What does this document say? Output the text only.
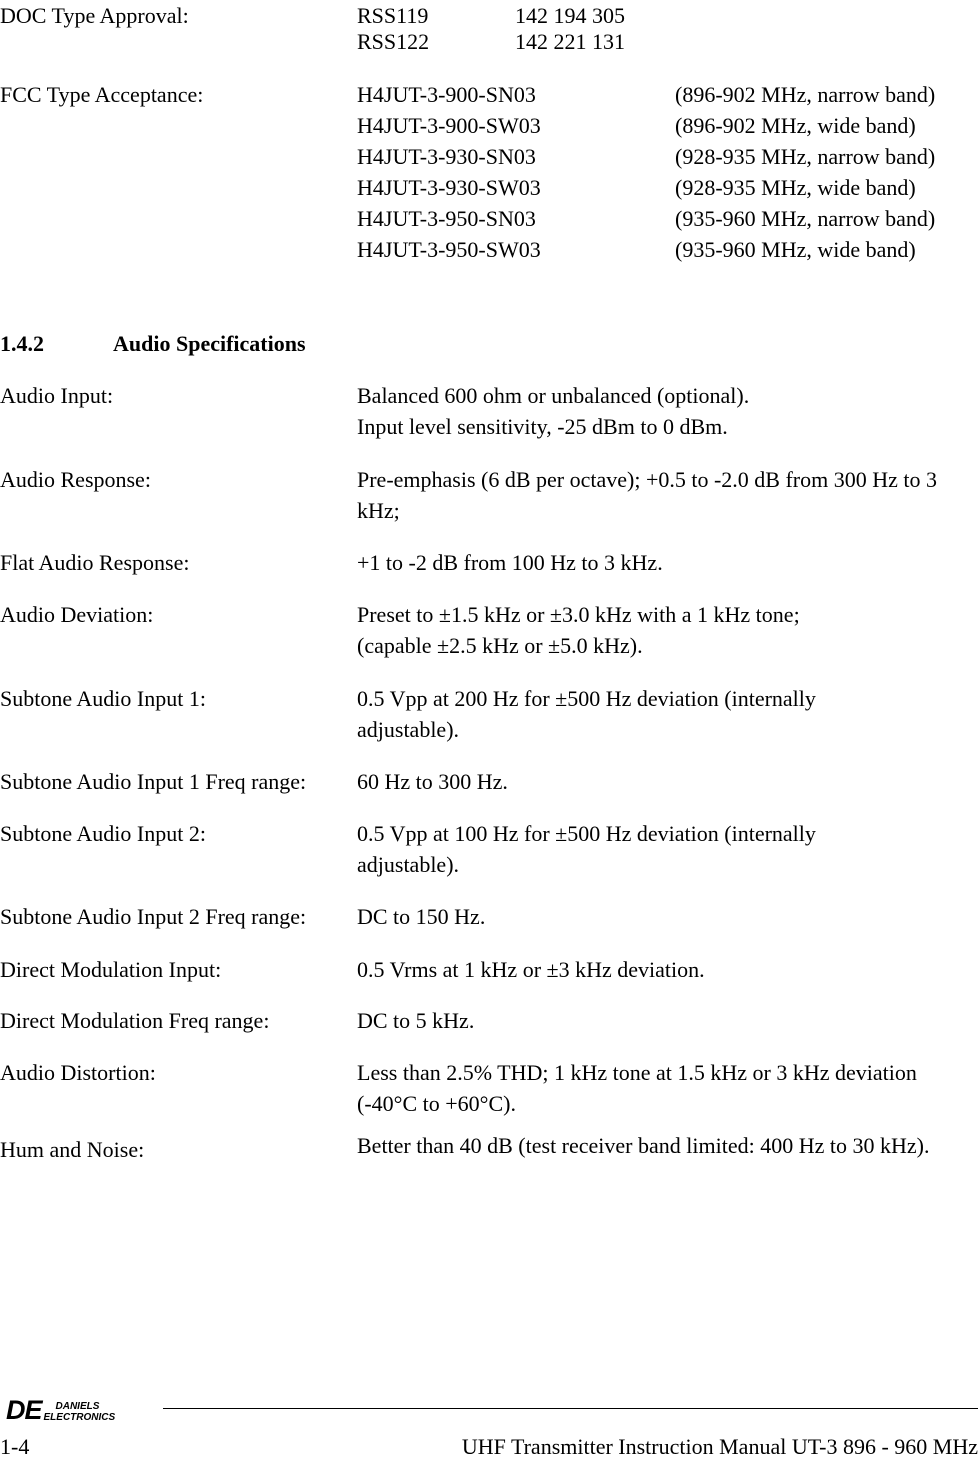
DOC Type Approval:	RSS119	142 194 305
RSS122	142 221 131
FCC Type Acceptance:	H4JUT-3-900-SN03	(896-902 MHz, narrow band)
H4JUT-3-900-SW03	(896-902 MHz, wide band)
H4JUT-3-930-SN03	(928-935 MHz, narrow band)
H4JUT-3-930-SW03	(928-935 MHz, wide band)
H4JUT-3-950-SN03	(935-960 MHz, narrow band)
H4JUT-3-950-SW03	(935-960 MHz, wide band)
1.4.2	Audio Specifications
Audio Input:	Balanced 600 ohm or unbalanced (optional). Input level sensitivity, -25 dBm to 0 dBm.
Audio Response:	Pre-emphasis (6 dB per octave); +0.5 to -2.0 dB from 300 Hz to 3 kHz;
Flat Audio Response:	+1 to -2 dB from 100 Hz to 3 kHz.
Audio Deviation:	Preset to ±1.5 kHz or ±3.0 kHz with a 1 kHz tone; (capable ±2.5 kHz or ±5.0 kHz).
Subtone Audio Input 1:	0.5 Vpp at 200 Hz for ±500 Hz deviation (internally adjustable).
Subtone Audio Input 1 Freq range: 60 Hz to 300 Hz.
Subtone Audio Input 2:	0.5 Vpp at 100 Hz for ±500 Hz deviation (internally adjustable).
Subtone Audio Input 2 Freq range: DC to 150 Hz.
Direct Modulation Input:	0.5 Vrms at 1 kHz or ±3 kHz deviation.
Direct Modulation Freq range:	DC to 5 kHz.
Audio Distortion:	Less than 2.5% THD; 1 kHz tone at 1.5 kHz or 3 kHz deviation (-40°C to +60°C).
Hum and Noise:	Better than 40 dB (test receiver band limited: 400 Hz to 30 kHz).
DE	DANIELS
ELECTRONICS
1-4	UHF Transmitter Instruction Manual UT-3 896 - 960 MHz
